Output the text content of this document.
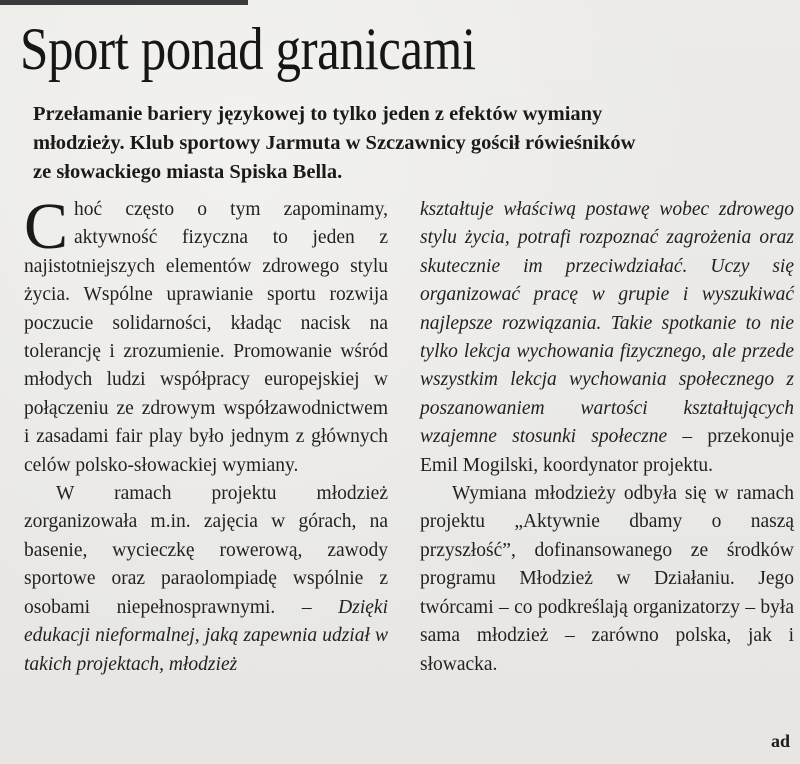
Sport ponad granicami

Przełamanie bariery językowej to tylko jeden z efektów wymiany
młodzieży. Klub sportowy Jarmuta w Szczawnicy gościł rówieśników
ze słowackiego miasta Spiska Bella.

Choć często o tym zapominamy, aktywność fizyczna to jeden z najistotniejszych elementów zdrowego stylu życia. Wspólne uprawianie sportu rozwija poczucie solidarności, kładąc nacisk na tolerancję i zrozumienie. Promowanie wśród młodych ludzi współpracy europejskiej w połączeniu ze zdrowym współzawodnictwem i zasadami fair play było jednym z głównych celów polsko-słowackiej wymiany.

W ramach projektu młodzież zorganizowała m.in. zajęcia w górach, na basenie, wycieczkę rowerową, zawody sportowe oraz paraolompiadę wspólnie z osobami niepełnosprawnymi. – Dzięki edukacji nieformalnej, jaką zapewnia udział w takich projektach, młodzież

kształtuje właściwą postawę wobec zdrowego stylu życia, potrafi rozpoznać zagrożenia oraz skutecznie im przeciwdziałać. Uczy się organizować pracę w grupie i wyszukiwać najlepsze rozwiązania. Takie spotkanie to nie tylko lekcja wychowania fizycznego, ale przede wszystkim lekcja wychowania społecznego z poszanowaniem wartości kształtujących wzajemne stosunki społeczne – przekonuje Emil Mogilski, koordynator projektu.

Wymiana młodzieży odbyła się w ramach projektu „Aktywnie dbamy o naszą przyszłość”, dofinansowanego ze środków programu Młodzież w Działaniu. Jego twórcami – co podkreślają organizatorzy – była sama młodzież – zarówno polska, jak i słowacka.

ad
